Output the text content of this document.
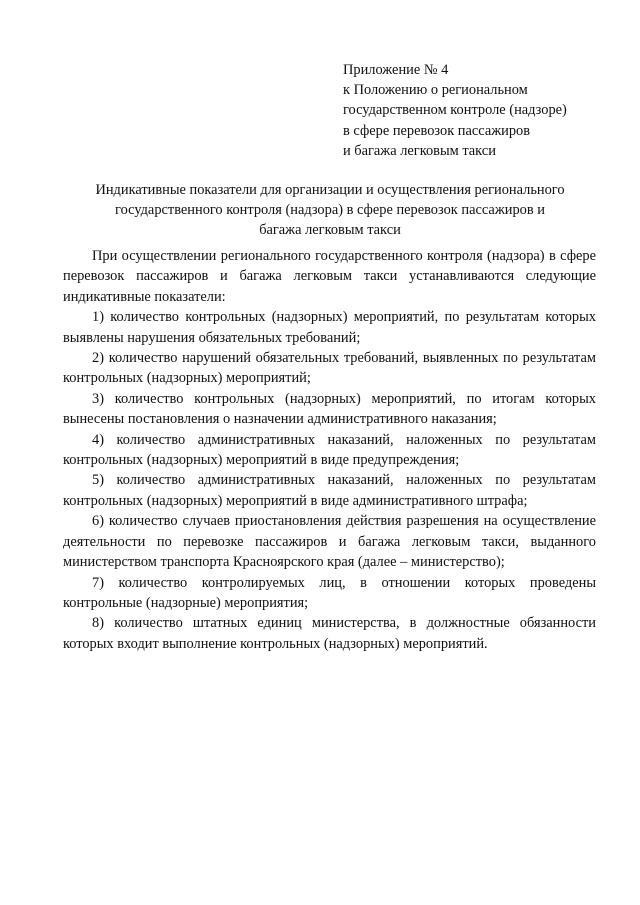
Приложение № 4
к Положению о региональном
государственном контроле (надзоре)
в сфере перевозок пассажиров
и багажа легковым такси
Индикативные показатели для организации и осуществления регионального
государственного контроля (надзора) в сфере перевозок пассажиров и
багажа легковым такси

При осуществлении регионального государственного контроля (надзора) в сфере перевозок пассажиров и багажа легковым такси устанавливаются следующие индикативные показатели:

1) количество контрольных (надзорных) мероприятий, по результатам которых выявлены нарушения обязательных требований;

2) количество нарушений обязательных требований, выявленных по результатам контрольных (надзорных) мероприятий;

3) количество контрольных (надзорных) мероприятий, по итогам которых вынесены постановления о назначении административного наказания;

4) количество административных наказаний, наложенных по результатам контрольных (надзорных) мероприятий в виде предупреждения;

5) количество административных наказаний, наложенных по результатам контрольных (надзорных) мероприятий в виде административного штрафа;

6) количество случаев приостановления действия разрешения на осуществление деятельности по перевозке пассажиров и багажа легковым такси, выданного министерством транспорта Красноярского края (далее – министерство);

7) количество контролируемых лиц, в отношении которых проведены контрольные (надзорные) мероприятия;

8) количество штатных единиц министерства, в должностные обязанности которых входит выполнение контрольных (надзорных) мероприятий.
